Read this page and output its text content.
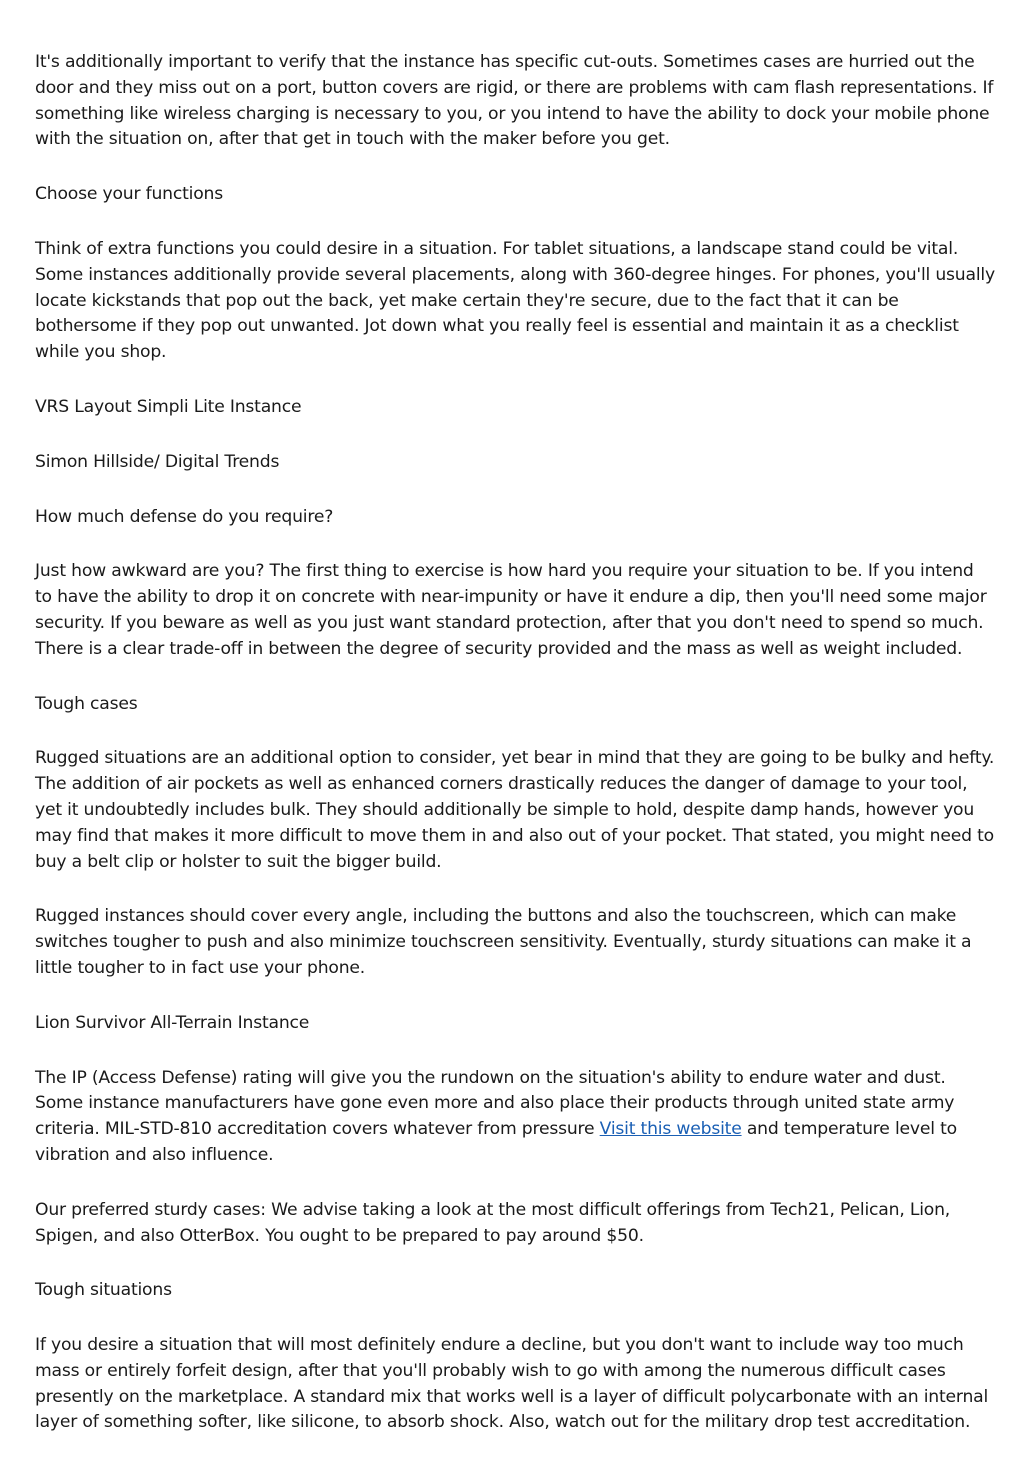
It's additionally important to verify that the instance has specific cut-outs. Sometimes cases are hurried out the door and they miss out on a port, button covers are rigid, or there are problems with cam flash representations. If something like wireless charging is necessary to you, or you intend to have the ability to dock your mobile phone with the situation on, after that get in touch with the maker before you get.

Choose your functions

Think of extra functions you could desire in a situation. For tablet situations, a landscape stand could be vital. Some instances additionally provide several placements, along with 360-degree hinges. For phones, you'll usually locate kickstands that pop out the back, yet make certain they're secure, due to the fact that it can be bothersome if they pop out unwanted. Jot down what you really feel is essential and maintain it as a checklist while you shop.

VRS Layout Simpli Lite Instance

Simon Hillside/ Digital Trends

How much defense do you require?

Just how awkward are you? The first thing to exercise is how hard you require your situation to be. If you intend to have the ability to drop it on concrete with near-impunity or have it endure a dip, then you'll need some major security. If you beware as well as you just want standard protection, after that you don't need to spend so much. There is a clear trade-off in between the degree of security provided and the mass as well as weight included.

Tough cases

Rugged situations are an additional option to consider, yet bear in mind that they are going to be bulky and hefty. The addition of air pockets as well as enhanced corners drastically reduces the danger of damage to your tool, yet it undoubtedly includes bulk. They should additionally be simple to hold, despite damp hands, however you may find that makes it more difficult to move them in and also out of your pocket. That stated, you might need to buy a belt clip or holster to suit the bigger build.

Rugged instances should cover every angle, including the buttons and also the touchscreen, which can make switches tougher to push and also minimize touchscreen sensitivity. Eventually, sturdy situations can make it a little tougher to in fact use your phone.

Lion Survivor All-Terrain Instance

The IP (Access Defense) rating will give you the rundown on the situation's ability to endure water and dust. Some instance manufacturers have gone even more and also place their products through united state army criteria. MIL-STD-810 accreditation covers whatever from pressure Visit this website and temperature level to vibration and also influence.

Our preferred sturdy cases: We advise taking a look at the most difficult offerings from Tech21, Pelican, Lion, Spigen, and also OtterBox. You ought to be prepared to pay around $50.

Tough situations

If you desire a situation that will most definitely endure a decline, but you don't want to include way too much mass or entirely forfeit design, after that you'll probably wish to go with among the numerous difficult cases presently on the marketplace. A standard mix that works well is a layer of difficult polycarbonate with an internal layer of something softer, like silicone, to absorb shock. Also, watch out for the military drop test accreditation.
